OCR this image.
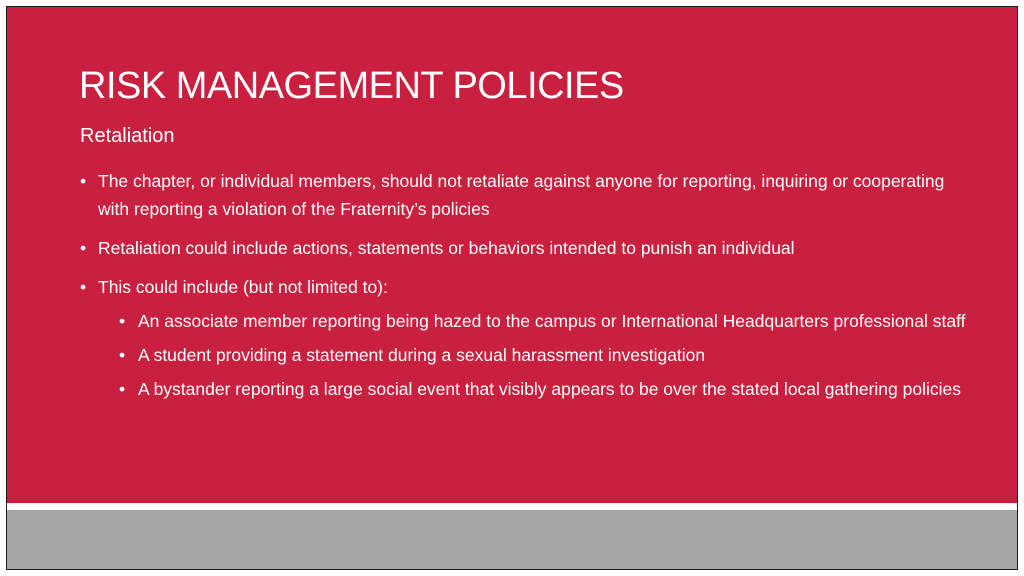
RISK MANAGEMENT POLICIES
Retaliation
• The chapter, or individual members, should not retaliate against anyone for reporting, inquiring or cooperating with reporting a violation of the Fraternity’s policies
• Retaliation could include actions, statements or behaviors intended to punish an individual
• This could include (but not limited to):
• An associate member reporting being hazed to the campus or International Headquarters professional staff
• A student providing a statement during a sexual harassment investigation
• A bystander reporting a large social event that visibly appears to be over the stated local gathering policies
